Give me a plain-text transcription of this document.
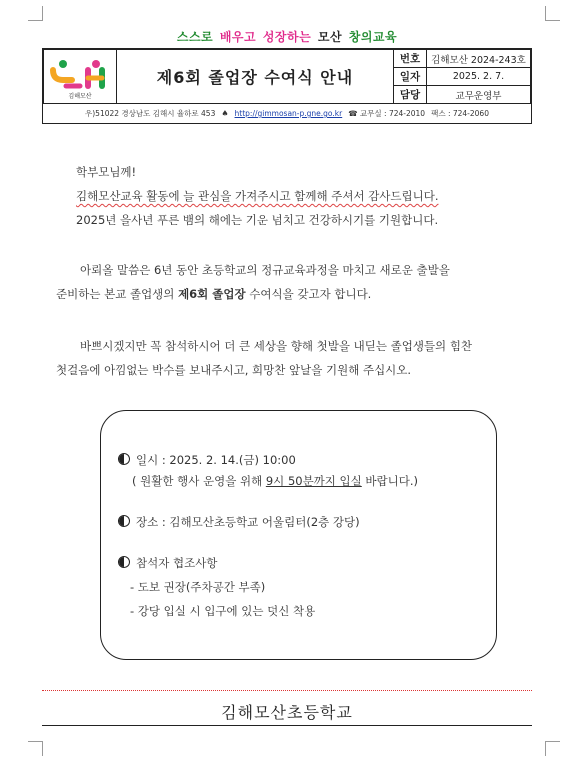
스스로 배우고 성장하는 모산 창의교육
김해모산
제6회 졸업장 수여식 안내
번호	김해모산 2024-243호
일자	2025. 2. 7.
담당	교무운영부
우)51022 경상남도 김해시 율하로 453 ♠ http://gimmosan-p.gne.go.kr ☎ 교무실 : 724-2010 팩스 : 724-2060

학부모님께!

김해모산교육 활동에 늘 관심을 가져주시고 함께해 주셔서 감사드립니다.

2025년 을사년 푸른 뱀의 해에는 기운 넘치고 건강하시기를 기원합니다.

아뢰올 말씀은 6년 동안 초등학교의 정규교육과정을 마치고 새로운 출발을

준비하는 본교 졸업생의 제6회 졸업장 수여식을 갖고자 합니다.

바쁘시겠지만 꼭 참석하시어 더 큰 세상을 향해 첫발을 내딛는 졸업생들의 힘찬

첫걸음에 아낌없는 박수를 보내주시고, 희망찬 앞날을 기원해 주십시오.

일시 : 2025. 2. 14.(금) 10:00
( 원활한 행사 운영을 위해 9시 50분까지 입실 바랍니다.)
장소 : 김해모산초등학교 어울림터(2층 강당)
참석자 협조사항
- 도보 권장(주차공간 부족)
- 강당 입실 시 입구에 있는 덧신 착용
김해모산초등학교
